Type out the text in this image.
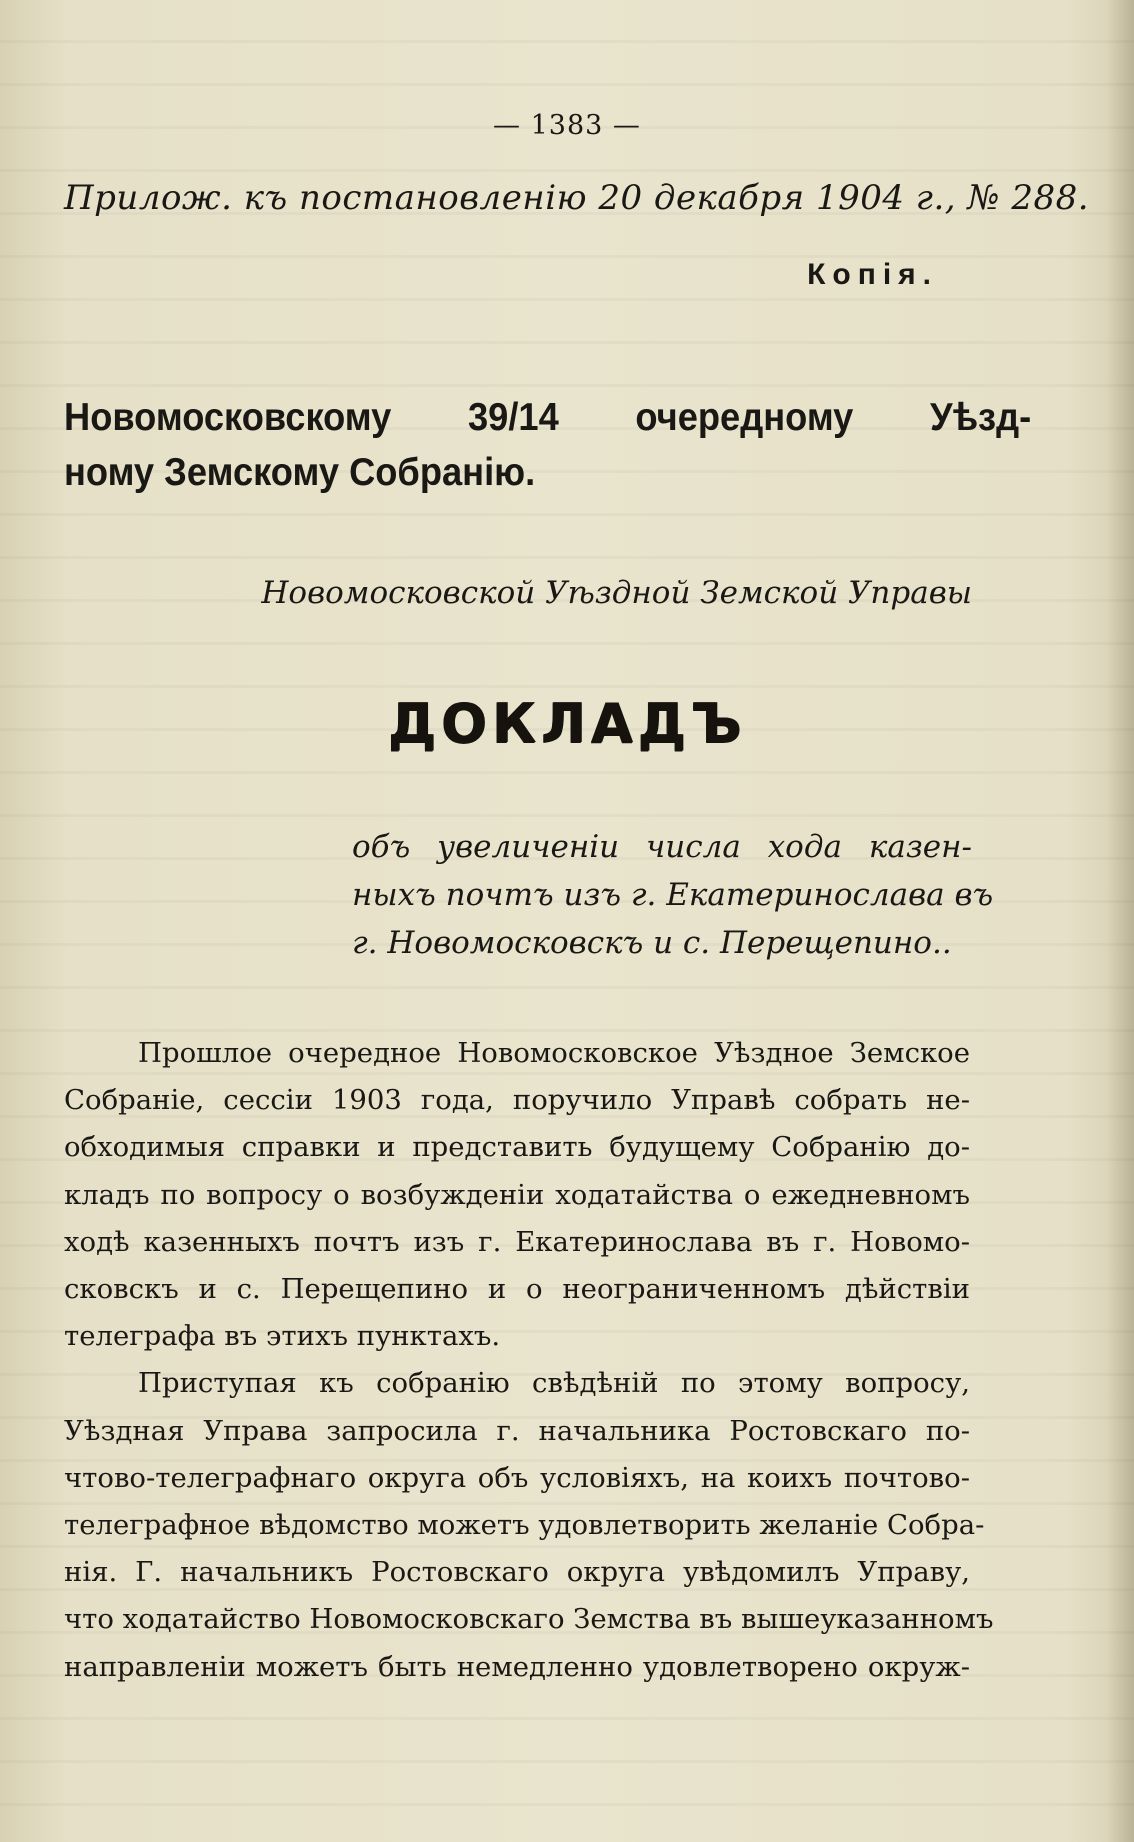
— 1383 —
Прилож. къ постановленію 20 декабря 1904 г., № 288.
Копія.
Новомосковскому 39/14 очередному Уѣзд-
ному Земскому Собранію.
Новомосковской Уѣздной Земской Управы
ДОКЛАДЪ
объ увеличеніи числа хода казен-
ныхъ почтъ изъ г. Екатеринослава въ
г. Новомосковскъ и с. Перещепино..
Прошлое очередное Новомосковское Уѣздное Земское
Собраніе, сессіи 1903 года, поручило Управѣ собрать не-
обходимыя справки и представить будущему Собранію до-
кладъ по вопросу о возбужденіи ходатайства о ежедневномъ
ходѣ казенныхъ почтъ изъ г. Екатеринослава въ г. Новомо-
сковскъ и с. Перещепино и о неограниченномъ дѣйствіи
телеграфа въ этихъ пунктахъ.
Приступая къ собранію свѣдѣній по этому вопросу,
Уѣздная Управа запросила г. начальника Ростовскаго по-
чтово-телеграфнаго округа объ условіяхъ, на коихъ почтово-
телеграфное вѣдомство можетъ удовлетворить желаніе Собра-
нія. Г. начальникъ Ростовскаго округа увѣдомилъ Управу,
что ходатайство Новомосковскаго Земства въ вышеуказанномъ
направленіи можетъ быть немедленно удовлетворено окруж-
